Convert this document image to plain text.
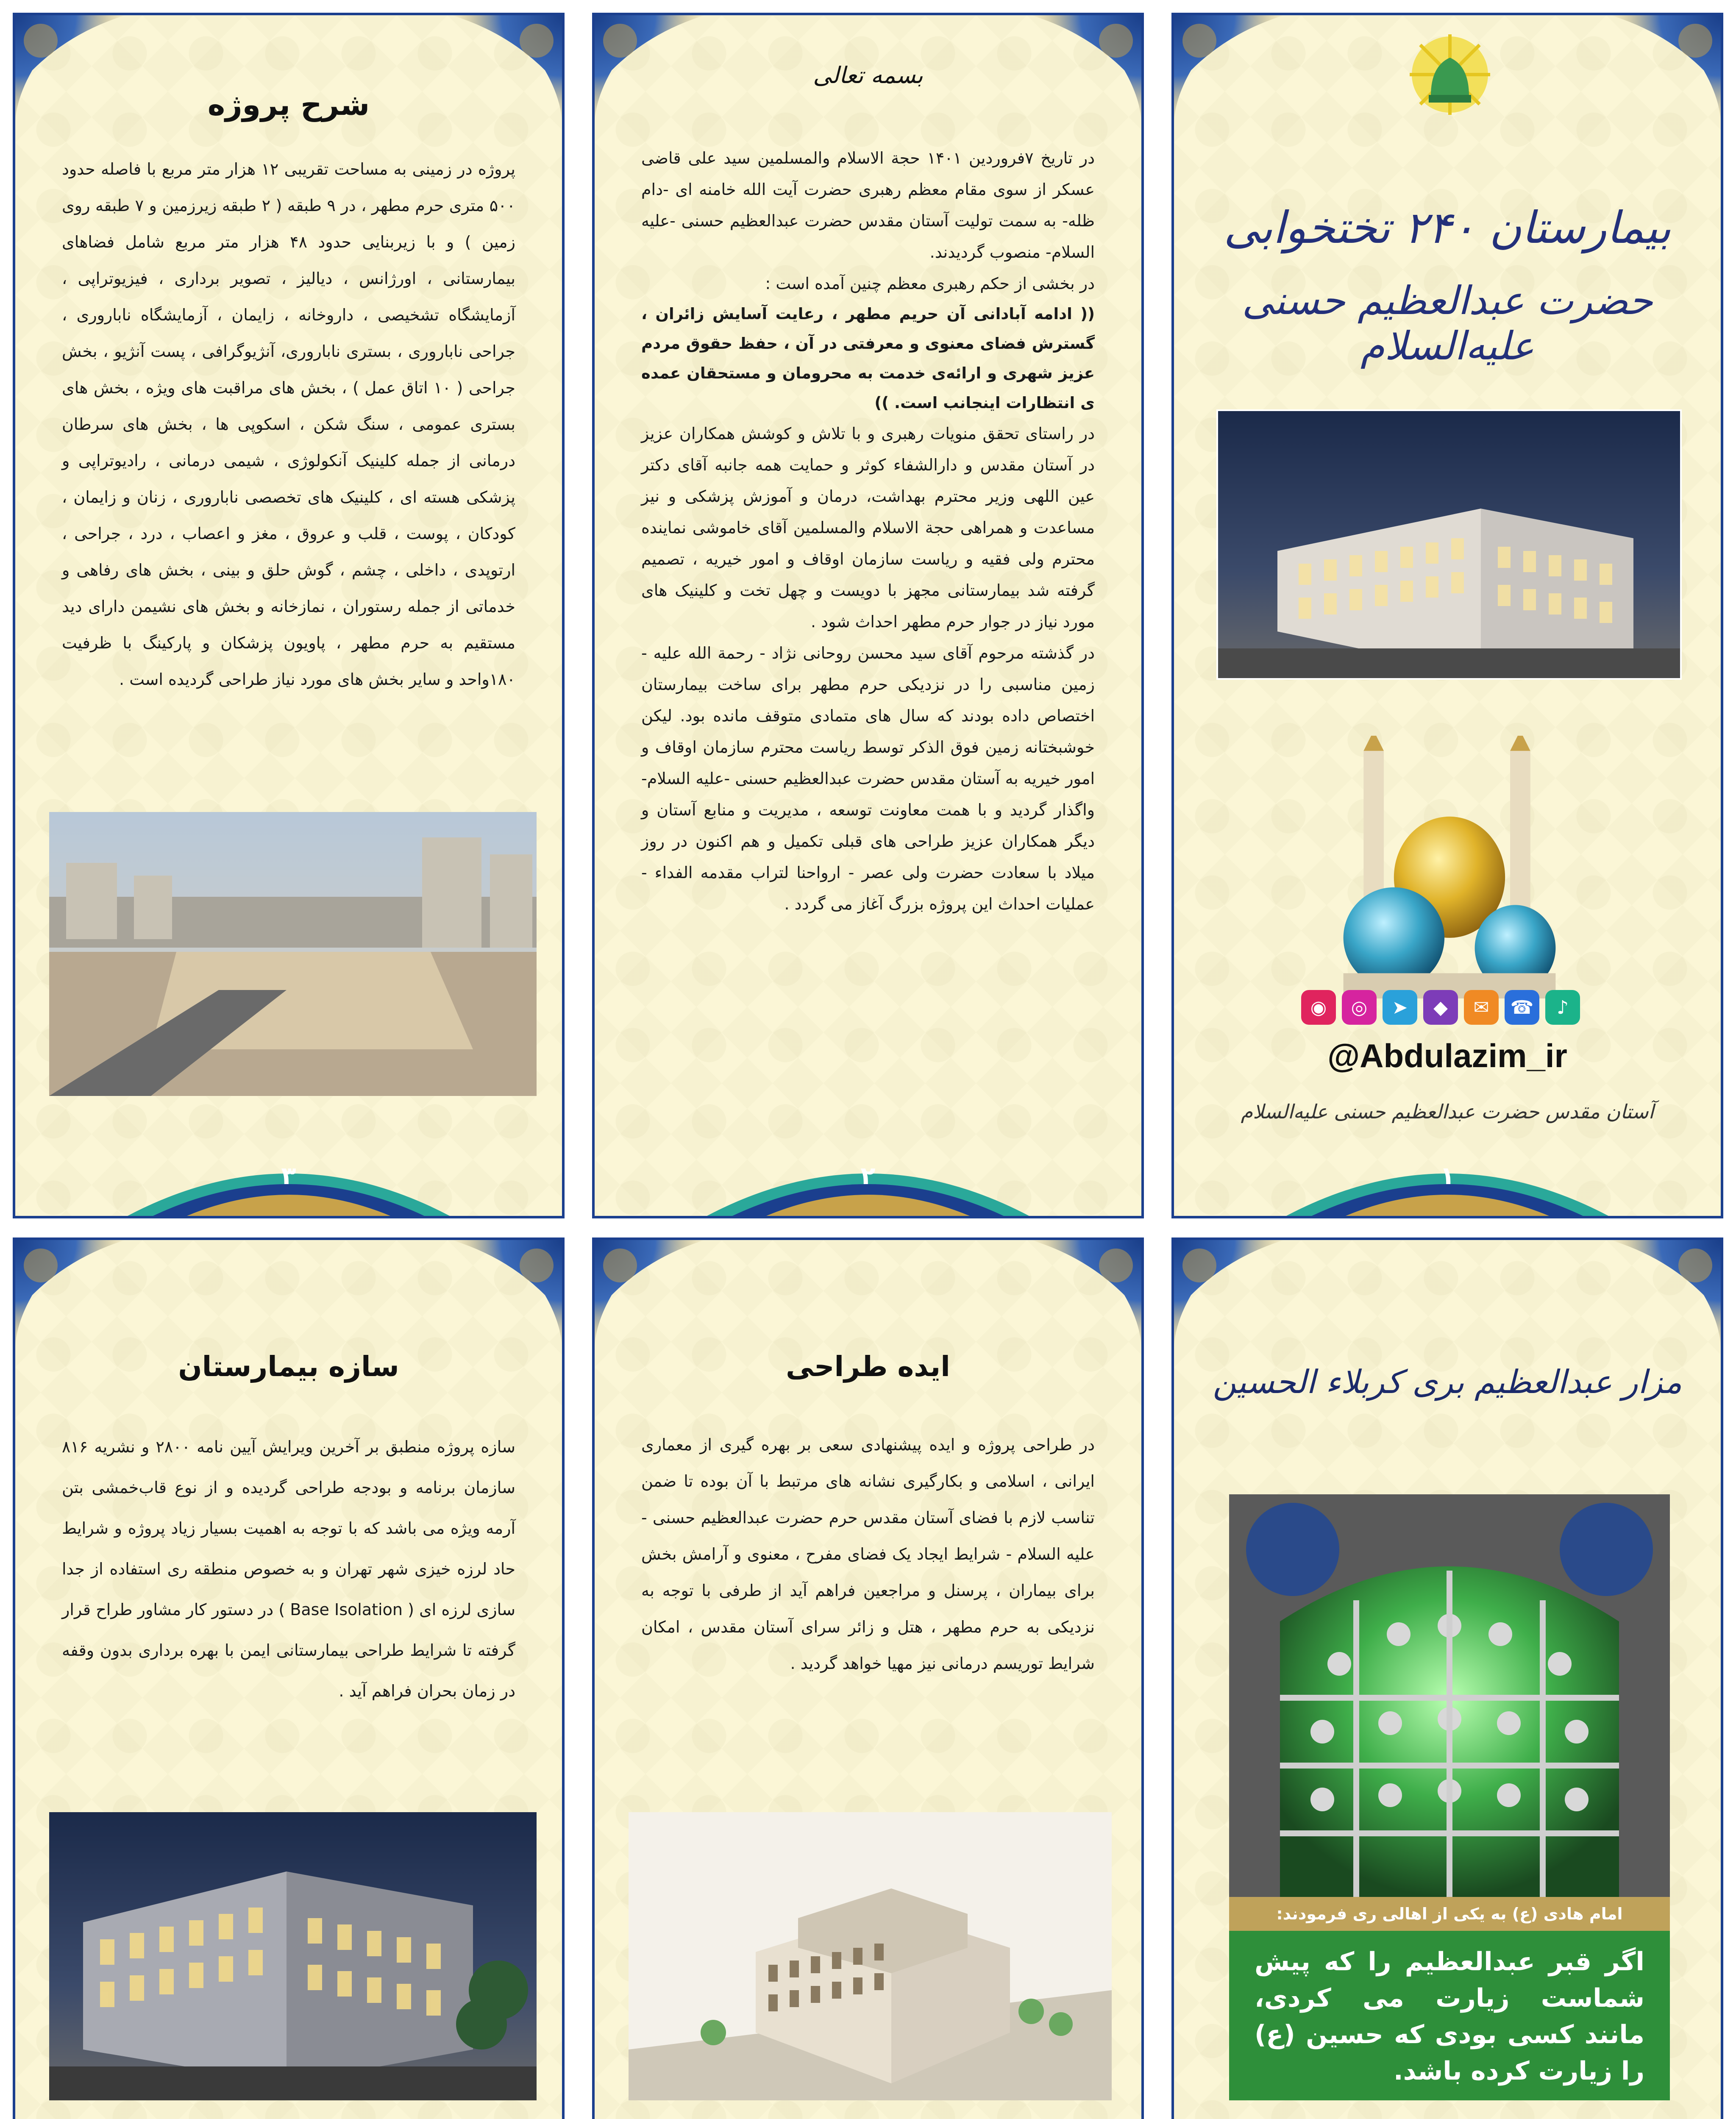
بیمارستان ۲۴۰ تختخوابی
حضرت عبدالعظیم حسنی علیه‌السلام
◉	◎	➤	◆	✉	☎	♪
@Abdulazim_ir
آستان مقدس حضرت عبدالعظیم حسنی علیه‌السلام
۱
بسمه تعالی

در تاریخ ۷فروردین ۱۴۰۱ حجة الاسلام والمسلمین سید علی قاضی عسکر از سوی مقام معظم رهبری حضرت آیت الله خامنه ای -دام ظله- به سمت تولیت آستان مقدس حضرت عبدالعظیم حسنی -علیه السلام- منصوب گردیدند.

در بخشی از حکم رهبری معظم چنین آمده است :

(( ادامه آبادانی آن حریم مطهر ، رعایت آسایش زائران ، گسترش فضای معنوی و معرفتی در آن ، حفظ حقوق مردم عزیز شهری و ارائه‌ی خدمت به محرومان و مستحقان عمده ی انتظارات اینجانب است. ))

در راستای تحقق منویات رهبری و با تلاش و کوشش همکاران عزیز در آستان مقدس و دارالشفاء کوثر و حمایت همه جانبه آقای دکتر عین اللهی وزیر محترم بهداشت، درمان و آموزش پزشکی و نیز مساعدت و همراهی حجة الاسلام والمسلمین آقای خاموشی نماینده محترم ولی فقیه و ریاست سازمان اوقاف و امور خیریه ، تصمیم گرفته شد بیمارستانی مجهز با دویست و چهل تخت و کلینیک های مورد نیاز در جوار حرم مطهر احداث شود .

در گذشته مرحوم آقای سید محسن روحانی نژاد - رحمة الله علیه - زمین مناسبی را در نزدیکی حرم مطهر برای ساخت بیمارستان اختصاص داده بودند که سال های متمادی متوقف مانده بود. لیکن خوشبختانه زمین فوق الذکر توسط ریاست محترم سازمان اوقاف و امور خیریه به آستان مقدس حضرت عبدالعظیم حسنی -علیه السلام- واگذار گردید و با همت معاونت توسعه ، مدیریت و منابع آستان و دیگر همکاران عزیز طراحی های قبلی تکمیل و هم اکنون در روز میلاد با سعادت حضرت ولی عصر - ارواحنا لتراب مقدمه الفداء - عملیات احداث این پروژه بزرگ آغاز می گردد .

۲
شرح پروژه
پروژه در زمینی به مساحت تقریبی ۱۲ هزار متر مربع با فاصله حدود ۵۰۰ متری حرم مطهر ، در ۹ طبقه ( ۲ طبقه زیرزمین و ۷ طبقه روی زمین ) و با زیربنایی حدود ۴۸ هزار متر مربع شامل فضاهای بیمارستانی ، اورژانس ، دیالیز ، تصویر برداری ، فیزیوتراپی ، آزمایشگاه تشخیصی ، داروخانه ، زایمان ، آزمایشگاه ناباروری ، جراحی ناباروری ، بستری ناباروری، آنژیوگرافی ، پست آنژیو ، بخش جراحی ( ۱۰ اتاق عمل ) ، بخش های مراقبت های ویژه ، بخش های بستری عمومی ، سنگ شکن ، اسکوپی ها ، بخش های سرطان درمانی از جمله کلینیک آنکولوژی ، شیمی درمانی ، رادیوتراپی و پزشکی هسته ای ، کلینیک های تخصصی ناباروری ، زنان و زایمان ، کودکان ، پوست ، قلب و عروق ، مغز و اعصاب ، درد ، جراحی ، ارتوپدی ، داخلی ، چشم ، گوش حلق و بینی ، بخش های رفاهی و خدماتی از جمله رستوران ، نمازخانه و بخش های نشیمن دارای دید مستقیم به حرم مطهر ، پاویون پزشکان و پارکینگ با ظرفیت ۱۸۰واحد و سایر بخش های مورد نیاز طراحی گردیده است .
۳
مزار عبدالعظیم بری کربلاء الحسین
امام هادی (ع) به یکی از اهالی ری فرمودند:
اگر قبر عبدالعظیم را که پیش شماست زیارت می کردی، مانند کسی بودی که حسین (ع) را زیارت کرده باشد.
ایده طراحی
در طراحی پروژه و ایده پیشنهادی سعی بر بهره گیری از معماری ایرانی ، اسلامی و بکارگیری نشانه های مرتبط با آن بوده تا ضمن تناسب لازم با فضای آستان مقدس حرم حضرت عبدالعظیم حسنی - علیه السلام - شرایط ایجاد یک فضای مفرح ، معنوی و آرامش بخش برای بیماران ، پرسنل و مراجعین فراهم آید از طرفی با توجه به نزدیکی به حرم مطهر ، هتل و زائر سرای آستان مقدس ، امکان شرایط توریسم درمانی نیز مهیا خواهد گردید .
سازه بیمارستان
سازه پروژه منطبق بر آخرین ویرایش آیین نامه ۲۸۰۰ و نشریه ۸۱۶ سازمان برنامه و بودجه طراحی گردیده و از نوع قاب‌خمشی بتن آرمه ویژه می باشد که با توجه به اهمیت بسیار زیاد پروژه و شرایط حاد لرزه خیزی شهر تهران و به خصوص منطقه ری استفاده از جدا سازی لرزه ای ( Base Isolation ) در دستور کار مشاور طراح قرار گرفته تا شرایط طراحی بیمارستانی ایمن با بهره برداری بدون وقفه در زمان بحران فراهم آید .
